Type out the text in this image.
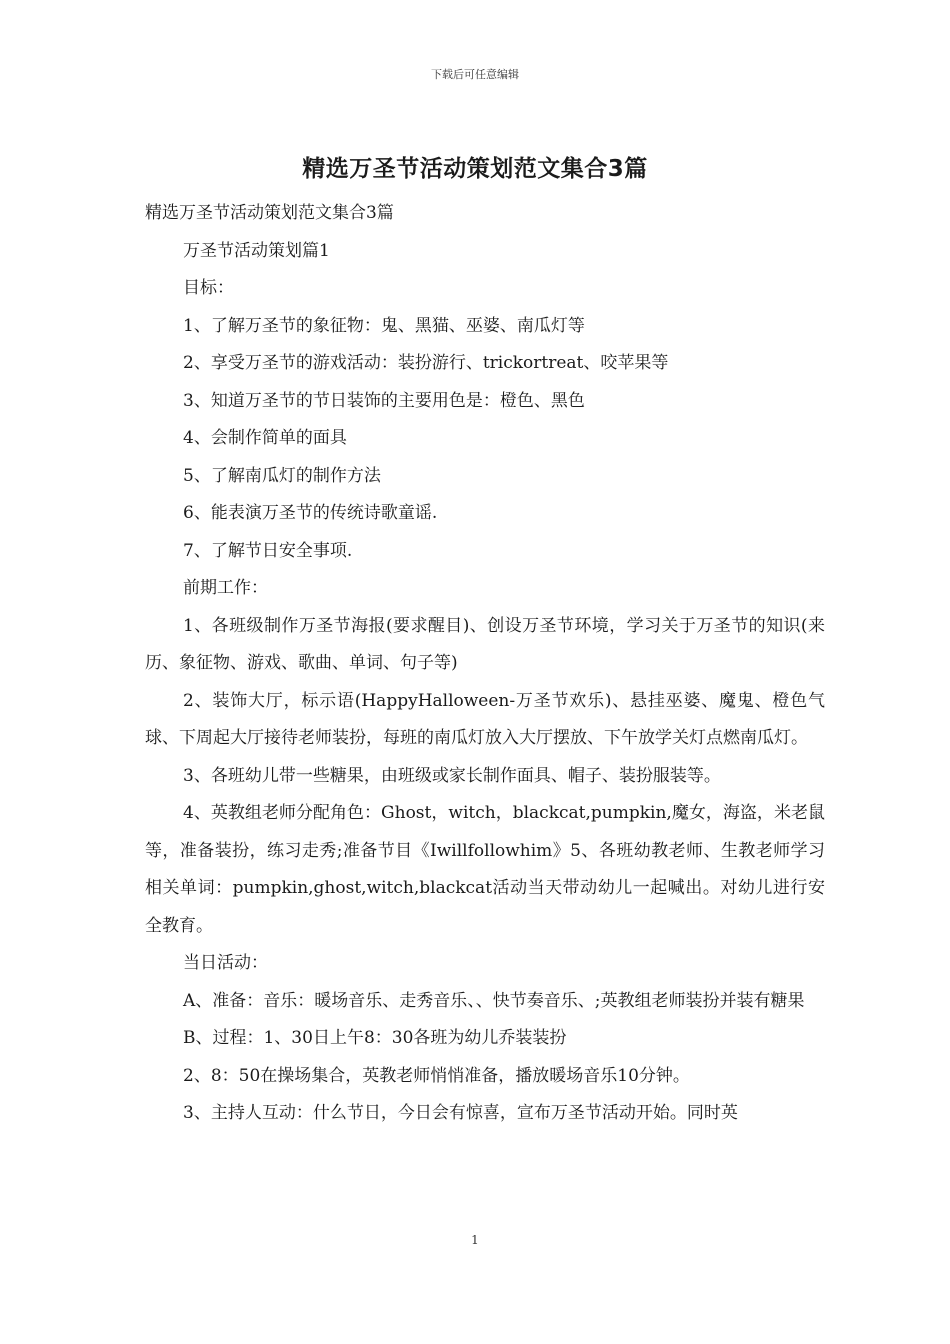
下载后可任意编辑
精选万圣节活动策划范文集合3篇

精选万圣节活动策划范文集合3篇

万圣节活动策划篇1

目标：

1、了解万圣节的象征物：鬼、黑猫、巫婆、南瓜灯等

2、享受万圣节的游戏活动：装扮游行、trickortreat、咬苹果等

3、知道万圣节的节日装饰的主要用色是：橙色、黑色

4、会制作简单的面具

5、了解南瓜灯的制作方法

6、能表演万圣节的传统诗歌童谣.

7、了解节日安全事项.

前期工作：

1、各班级制作万圣节海报(要求醒目)、创设万圣节环境，学习关于万圣节的知识(来历、象征物、游戏、歌曲、单词、句子等)

2、装饰大厅，标示语(HappyHalloween-万圣节欢乐)、悬挂巫婆、魔鬼、橙色气球、下周起大厅接待老师装扮，每班的南瓜灯放入大厅摆放、下午放学关灯点燃南瓜灯。

3、各班幼儿带一些糖果，由班级或家长制作面具、帽子、装扮服装等。

4、英教组老师分配角色：Ghost，witch，blackcat,pumpkin,魔女，海盗，米老鼠等，准备装扮，练习走秀;准备节目《Iwillfollowhim》5、各班幼教老师、生教老师学习相关单词：pumpkin,ghost,witch,blackcat活动当天带动幼儿一起喊出。对幼儿进行安全教育。

当日活动：

A、准备：音乐：暖场音乐、走秀音乐、、快节奏音乐、;英教组老师装扮并装有糖果

B、过程：1、30日上午8：30各班为幼儿乔装装扮

2、8：50在操场集合，英教老师悄悄准备，播放暖场音乐10分钟。

3、主持人互动：什么节日，今日会有惊喜，宣布万圣节活动开始。同时英

1
